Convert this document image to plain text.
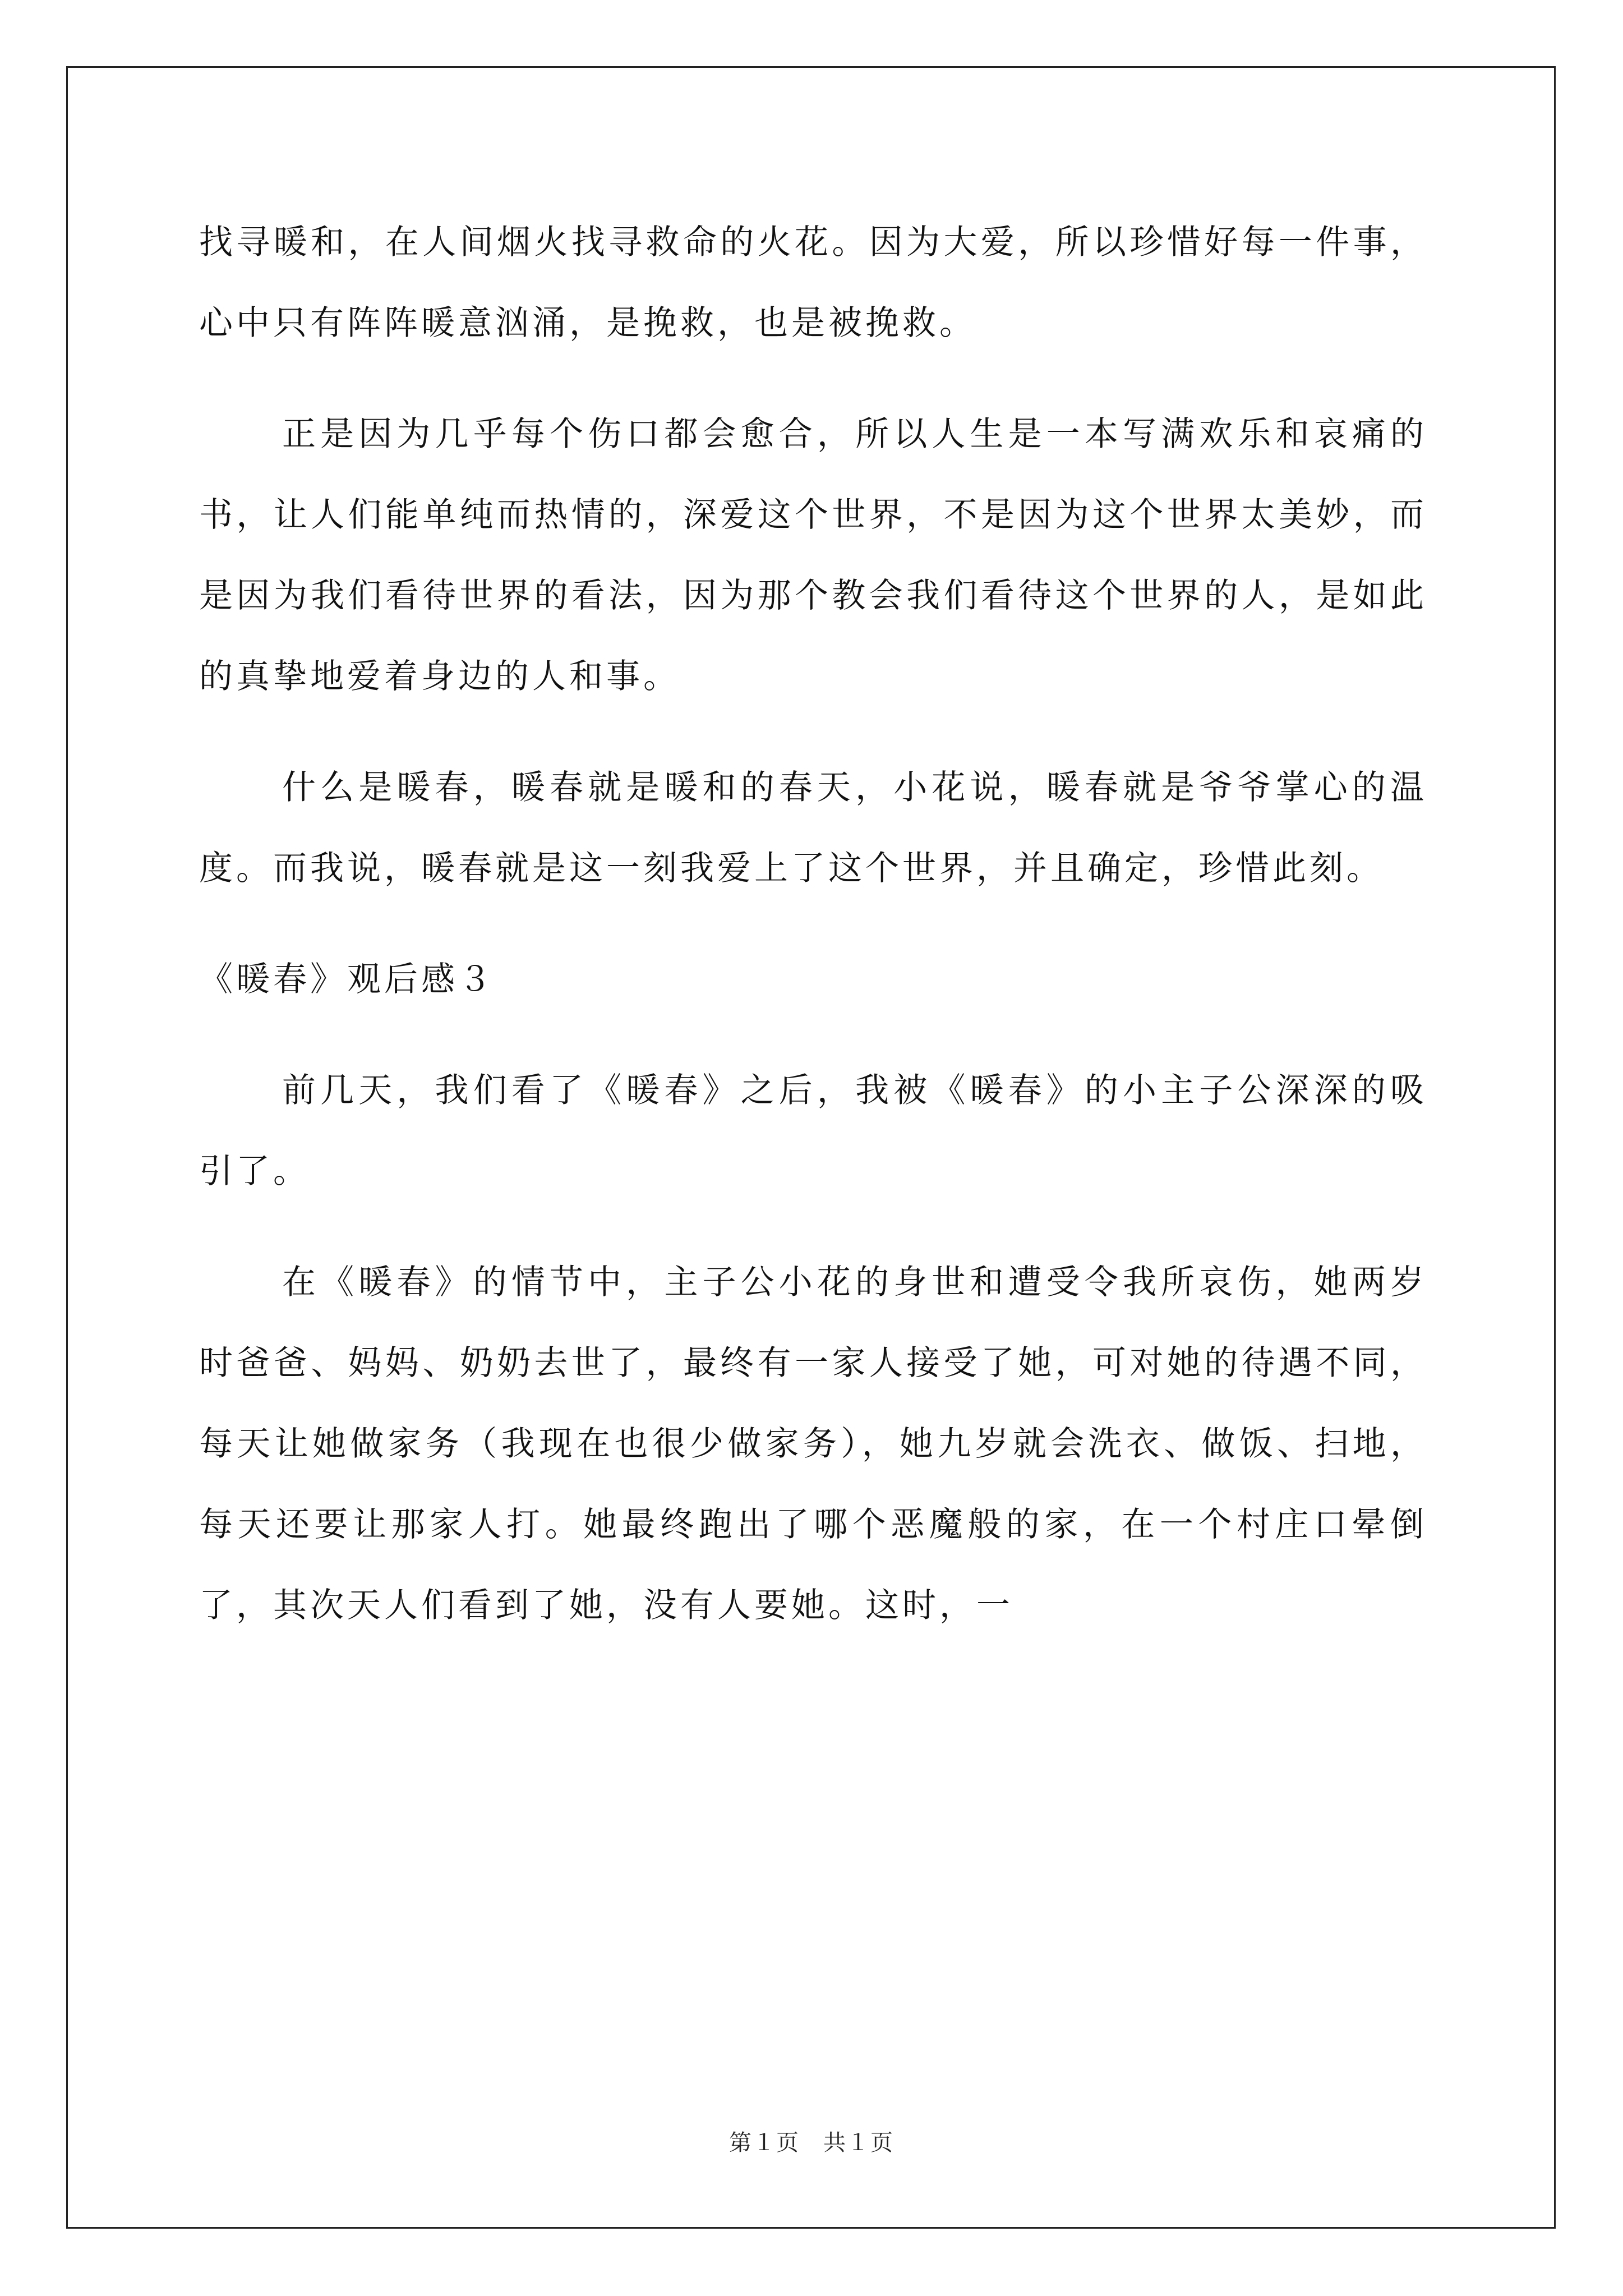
找寻暖和，在人间烟火找寻救命的火花。因为大爱，所以珍惜好每一件事，心中只有阵阵暖意汹涌，是挽救，也是被挽救。

正是因为几乎每个伤口都会愈合，所以人生是一本写满欢乐和哀痛的书，让人们能单纯而热情的，深爱这个世界，不是因为这个世界太美妙，而是因为我们看待世界的看法，因为那个教会我们看待这个世界的人，是如此的真挚地爱着身边的人和事。

什么是暖春，暖春就是暖和的春天，小花说，暖春就是爷爷掌心的温度。而我说，暖春就是这一刻我爱上了这个世界，并且确定，珍惜此刻。

《暖春》观后感３

前几天，我们看了《暖春》之后，我被《暖春》的小主子公深深的吸引了。

在《暖春》的情节中，主子公小花的身世和遭受令我所哀伤，她两岁时爸爸、妈妈、奶奶去世了，最终有一家人接受了她，可对她的待遇不同，每天让她做家务（我现在也很少做家务），她九岁就会洗衣、做饭、扫地，每天还要让那家人打。她最终跑出了哪个恶魔般的家，在一个村庄口晕倒了，其次天人们看到了她，没有人要她。这时，一

第１页　共１页
